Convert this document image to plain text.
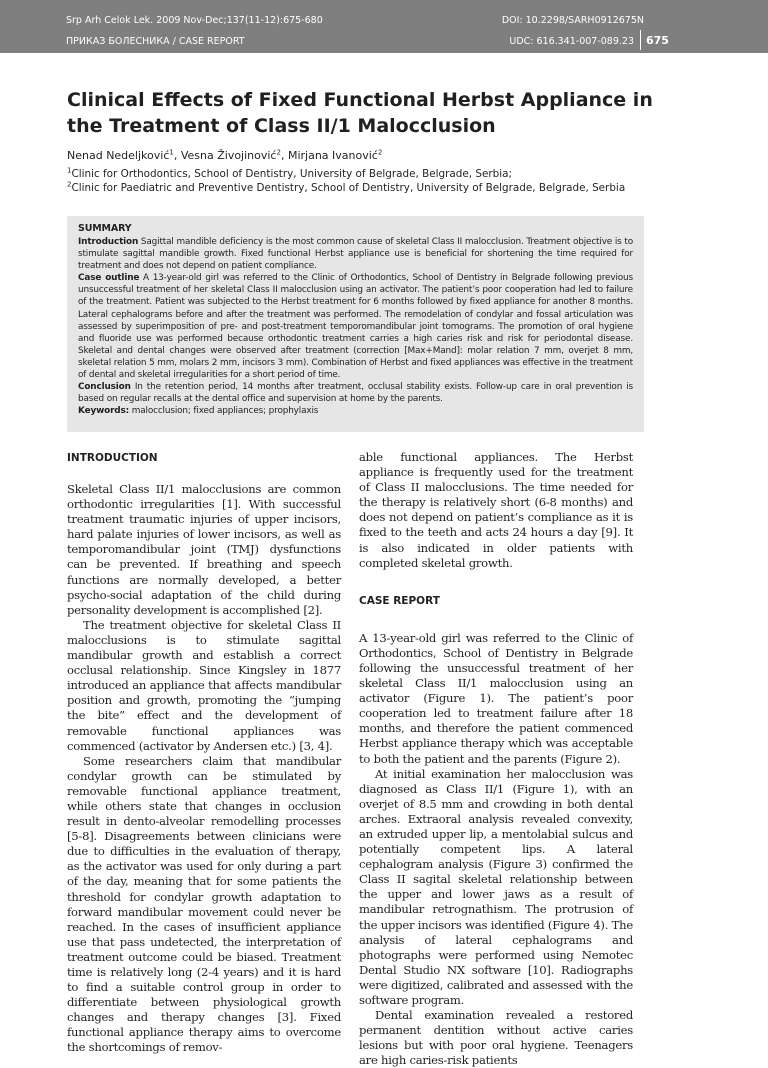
Srp Arh Celok Lek. 2009 Nov-Dec;137(11-12):675-680
ПРИКАЗ БОЛЕСНИКА / CASE REPORT
DOI: 10.2298/SARH0912675N
UDC: 616.341-007-089.23 675
Clinical Effects of Fixed Functional Herbst Appliance in the Treatment of Class II/1 Malocclusion
Nenad Nedeljković$^1$, Vesna Živojinović$^2$, Mirjana Ivanović$^2$
$^1$Clinic for Orthodontics, School of Dentistry, University of Belgrade, Belgrade, Serbia;
$^2$Clinic for Paediatric and Preventive Dentistry, School of Dentistry, University of Belgrade, Belgrade, Serbia
SUMMARY

Introduction Sagittal mandible deficiency is the most common cause of skeletal Class II malocclusion. Treatment objective is to stimulate sagittal mandible growth. Fixed functional Herbst appliance use is beneficial for shortening the time required for treatment and does not depend on patient compliance.

Case outline A 13-year-old girl was referred to the Clinic of Orthodontics, School of Dentistry in Belgrade following previous unsuccessful treatment of her skeletal Class II malocclusion using an activator. The patient’s poor cooperation had led to failure of the treatment. Patient was subjected to the Herbst treatment for 6 months followed by fixed appliance for another 8 months. Lateral cephalograms before and after the treatment was performed. The remodelation of condylar and fossal articulation was assessed by superimposition of pre- and post-treatment temporomandibular joint tomograms. The promotion of oral hygiene and fluoride use was performed because orthodontic treatment carries a high caries risk and risk for periodontal disease. Skeletal and dental changes were observed after treatment (correction [Max+Mand]: molar relation 7 mm, overjet 8 mm, skeletal relation 5 mm, molars 2 mm, incisors 3 mm). Combination of Herbst and fixed appliances was effective in the treatment of dental and skeletal irregularities for a short period of time.

Conclusion In the retention period, 14 months after treatment, occlusal stability exists. Follow-up care in oral prevention is based on regular recalls at the dental office and supervision at home by the parents.

Keywords: malocclusion; fixed appliances; prophylaxis

INTRODUCTION

Skeletal Class II/1 malocclusions are common orthodontic irregularities [1]. With successful treatment traumatic injuries of upper incisors, hard palate injuries of lower incisors, as well as temporomandibular joint (TMJ) dysfunctions can be prevented. If breathing and speech functions are normally developed, a better psycho-social adaptation of the child during personality development is accomplished [2].

The treatment objective for skeletal Class II malocclusions is to stimulate sagittal mandibular growth and establish a correct occlusal relationship. Since Kingsley in 1877 introduced an appliance that affects mandibular position and growth, promoting the “jumping the bite” effect and the development of removable functional appliances was commenced (activator by Andersen etc.) [3, 4].

Some researchers claim that mandibular condylar growth can be stimulated by removable functional appliance treatment, while others state that changes in occlusion result in dento-alveolar remodelling processes [5-8]. Disagreements between clinicians were due to difficulties in the evaluation of therapy, as the activator was used for only during a part of the day, meaning that for some patients the threshold for condylar growth adaptation to forward mandibular movement could never be reached. In the cases of insufficient appliance use that pass undetected, the interpretation of treatment outcome could be biased. Treatment time is relatively long (2-4 years) and it is hard to find a suitable control group in order to differentiate between physiological growth changes and therapy changes [3]. Fixed functional appliance therapy aims to overcome the shortcomings of remov-

able functional appliances. The Herbst appliance is frequently used for the treatment of Class II malocclusions. The time needed for the therapy is relatively short (6-8 months) and does not depend on patient’s compliance as it is fixed to the teeth and acts 24 hours a day [9]. It is also indicated in older patients with completed skeletal growth.

CASE REPORT

A 13-year-old girl was referred to the Clinic of Orthodontics, School of Dentistry in Belgrade following the unsuccessful treatment of her skeletal Class II/1 malocclusion using an activator (Figure 1). The patient’s poor cooperation led to treatment failure after 18 months, and therefore the patient commenced Herbst appliance therapy which was acceptable to both the patient and the parents (Figure 2).

At initial examination her malocclusion was diagnosed as Class II/1 (Figure 1), with an overjet of 8.5 mm and crowding in both dental arches. Extraoral analysis revealed convexity, an extruded upper lip, a mentolabial sulcus and potentially competent lips. A lateral cephalogram analysis (Figure 3) confirmed the Class II sagital skeletal relationship between the upper and lower jaws as a result of mandibular retrognathism. The protrusion of the upper incisors was identified (Figure 4). The analysis of lateral cephalograms and photographs were performed using Nemotec Dental Studio NX software [10]. Radiographs were digitized, calibrated and assessed with the software program.

Dental examination revealed a restored permanent dentition without active caries lesions but with poor oral hygiene. Teenagers are high caries-risk patients
